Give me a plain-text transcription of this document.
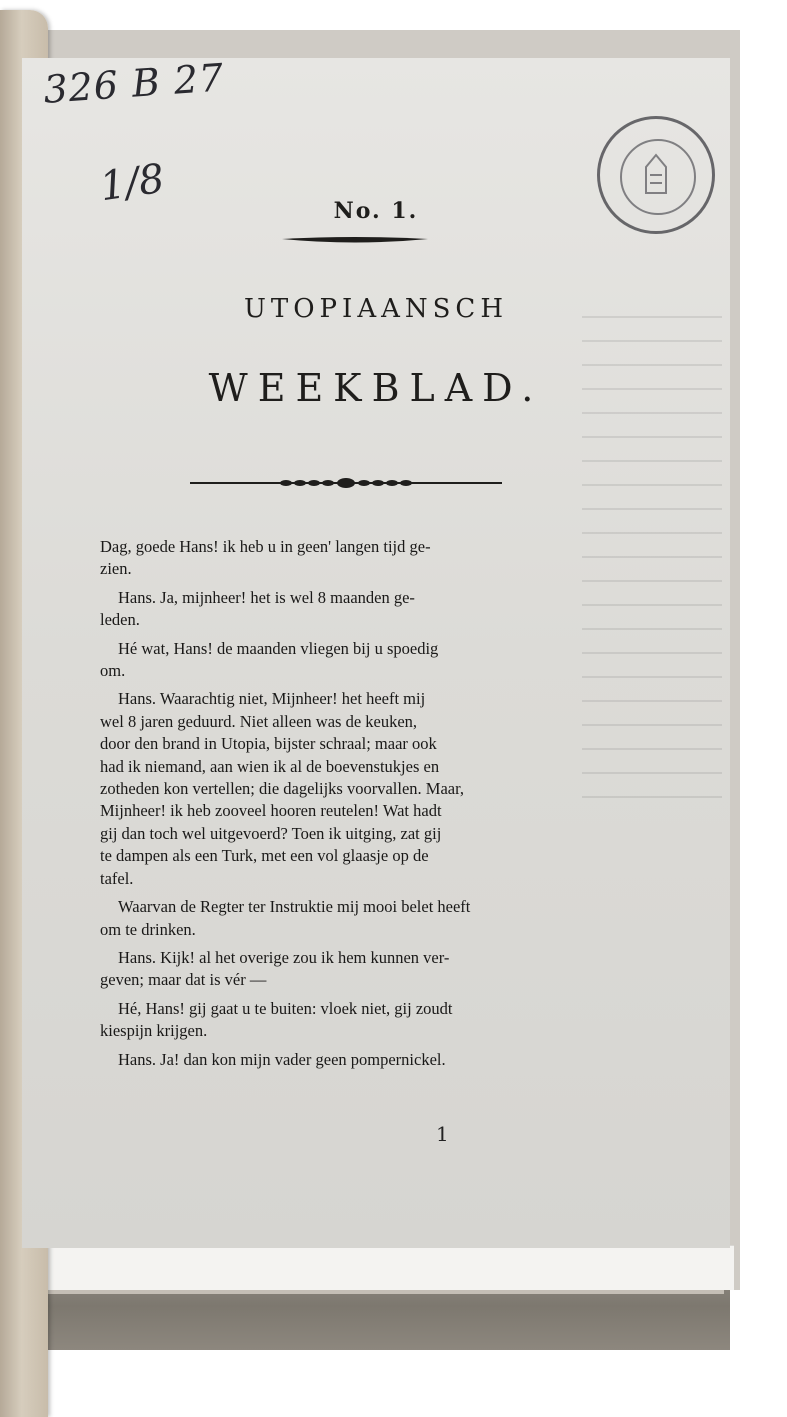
326 B 27
1/8
No. 1.
UTOPIAANSCH
WEEKBLAD.
Dag, goede Hans! ik heb u in geen' langen tijd ge-
zien.
Hans. Ja, mijnheer! het is wel 8 maanden ge-
leden.
Hé wat, Hans! de maanden vliegen bij u spoedig
om.
Hans. Waarachtig niet, Mijnheer! het heeft mij
wel 8 jaren geduurd. Niet alleen was de keuken,
door den brand in Utopia, bijster schraal; maar ook
had ik niemand, aan wien ik al de boevenstukjes en
zotheden kon vertellen; die dagelijks voorvallen. Maar,
Mijnheer! ik heb zooveel hooren reutelen! Wat hadt
gij dan toch wel uitgevoerd? Toen ik uitging, zat gij
te dampen als een Turk, met een vol glaasje op de
tafel.
Waarvan de Regter ter Instruktie mij mooi belet heeft
om te drinken.
Hans. Kijk! al het overige zou ik hem kunnen ver-
geven; maar dat is vér —
Hé, Hans! gij gaat u te buiten: vloek niet, gij zoudt
kiespijn krijgen.
Hans. Ja! dan kon mijn vader geen pompernickel.
1
